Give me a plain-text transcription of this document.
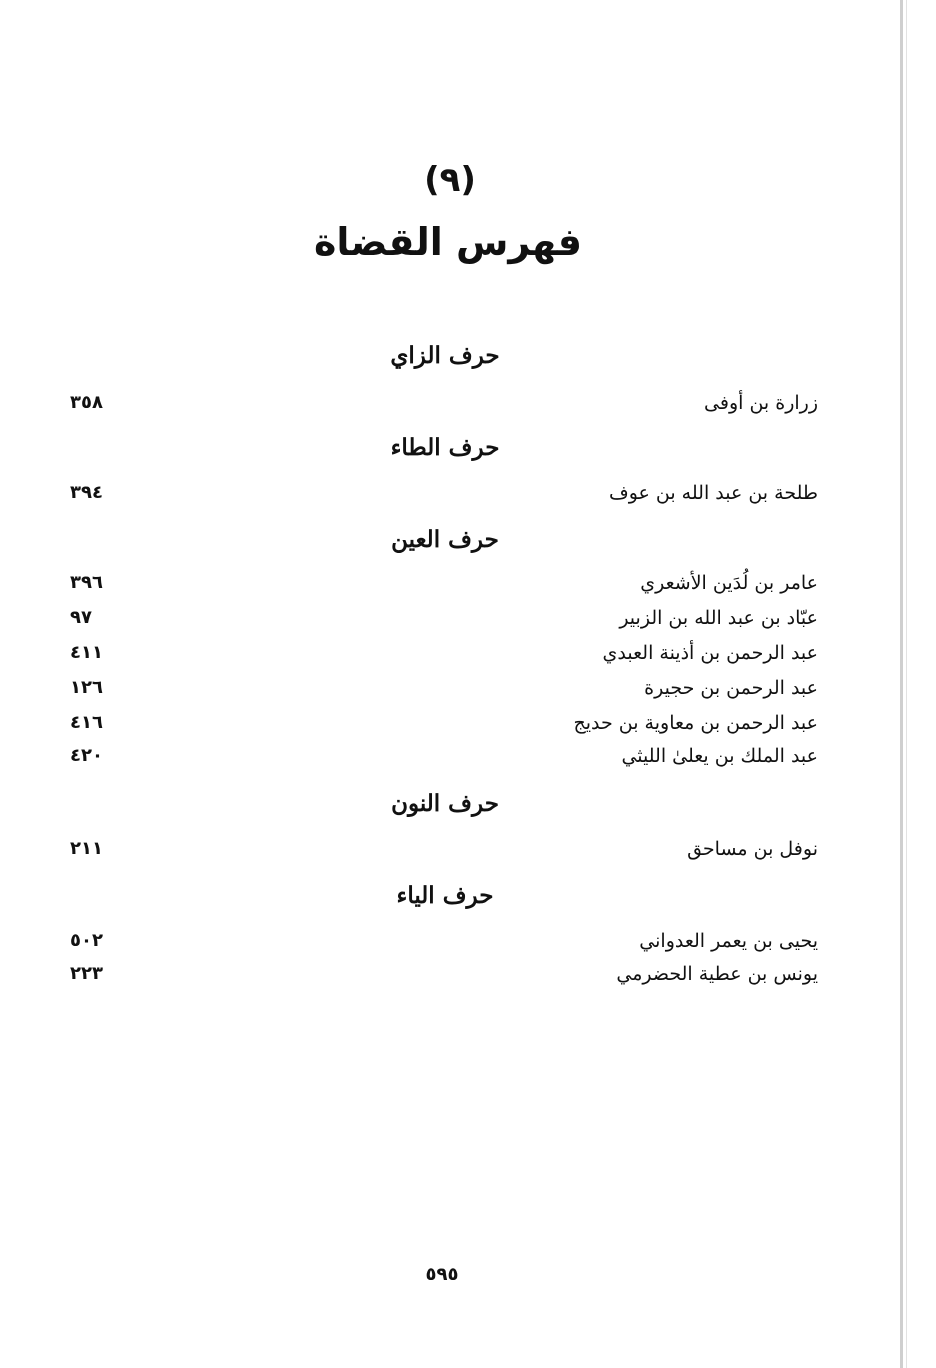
(٩)
فهرس القضاة
حرف الزاي
زرارة بن أوفى
٣٥٨
حرف الطاء
طلحة بن عبد الله بن عوف
٣٩٤
حرف العين
عامر بن لُدَين الأشعري
٣٩٦
عبّاد بن عبد الله بن الزبير
٩٧
عبد الرحمن بن أذينة العبدي
٤١١
عبد الرحمن بن حجيرة
١٢٦
عبد الرحمن بن معاوية بن حديج
٤١٦
عبد الملك بن يعلىٰ الليثي
٤٢٠
حرف النون
نوفل بن مساحق
٢١١
حرف الياء
يحيى بن يعمر العدواني
٥٠٢
يونس بن عطية الحضرمي
٢٢٣
٥٩٥
